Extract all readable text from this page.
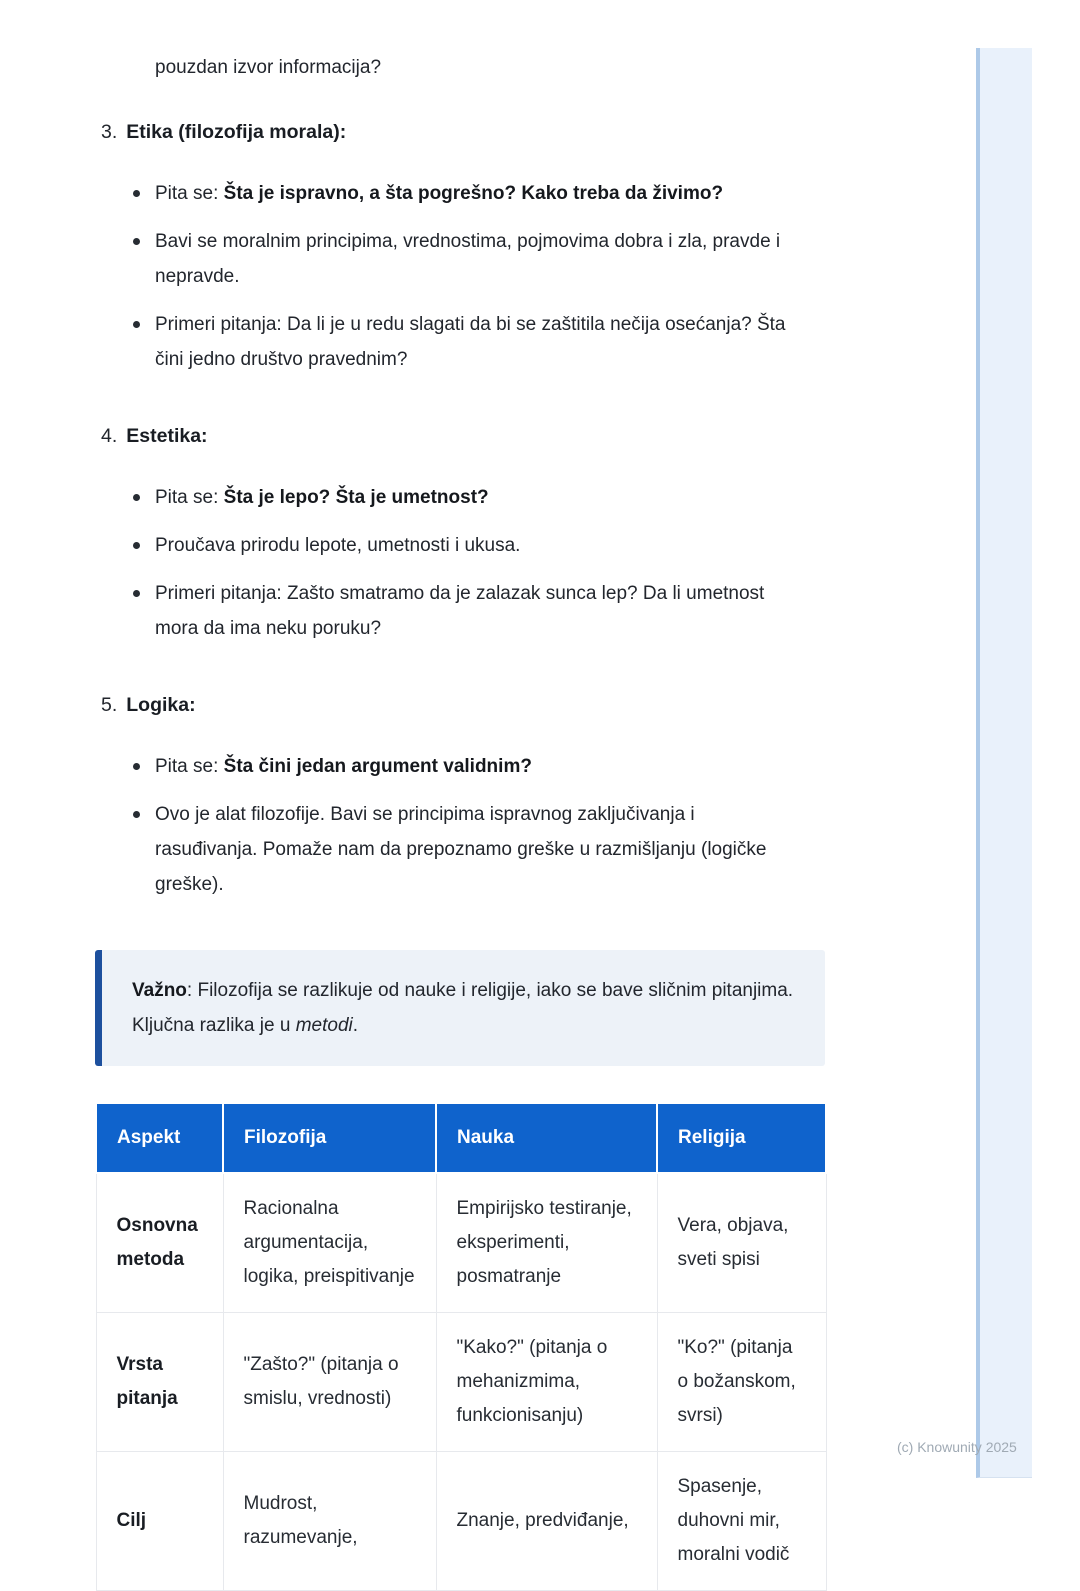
pouzdan izvor informacija?
3. Etika (filozofija morala):
Pita se: Šta je ispravno, a šta pogrešno? Kako treba da živimo?
Bavi se moralnim principima, vrednostima, pojmovima dobra i zla, pravde i nepravde.
Primeri pitanja: Da li je u redu slagati da bi se zaštitila nečija osećanja? Šta čini jedno društvo pravednim?
4. Estetika:
Pita se: Šta je lepo? Šta je umetnost?
Proučava prirodu lepote, umetnosti i ukusa.
Primeri pitanja: Zašto smatramo da je zalazak sunca lep? Da li umetnost mora da ima neku poruku?
5. Logika:
Pita se: Šta čini jedan argument validnim?
Ovo je alat filozofije. Bavi se principima ispravnog zaključivanja i rasuđivanja. Pomaže nam da prepoznamo greške u razmišljanju (logičke greške).
Važno: Filozofija se razlikuje od nauke i religije, iako se bave sličnim pitanjima. Ključna razlika je u metodi.
Aspekt	Filozofija	Nauka	Religija
Osnovna metoda	Racionalna argumentacija, logika, preispitivanje	Empirijsko testiranje, eksperimenti, posmatranje	Vera, objava, sveti spisi
Vrsta pitanja	"Zašto?" (pitanja o smislu, vrednosti)	"Kako?" (pitanja o mehanizmima, funkcionisanju)	"Ko?" (pitanja o božanskom, svrsi)
Cilj	Mudrost, razumevanje,	Znanje, predviđanje,	Spasenje, duhovni mir, moralni vodič
(c) Knowunity 2025
